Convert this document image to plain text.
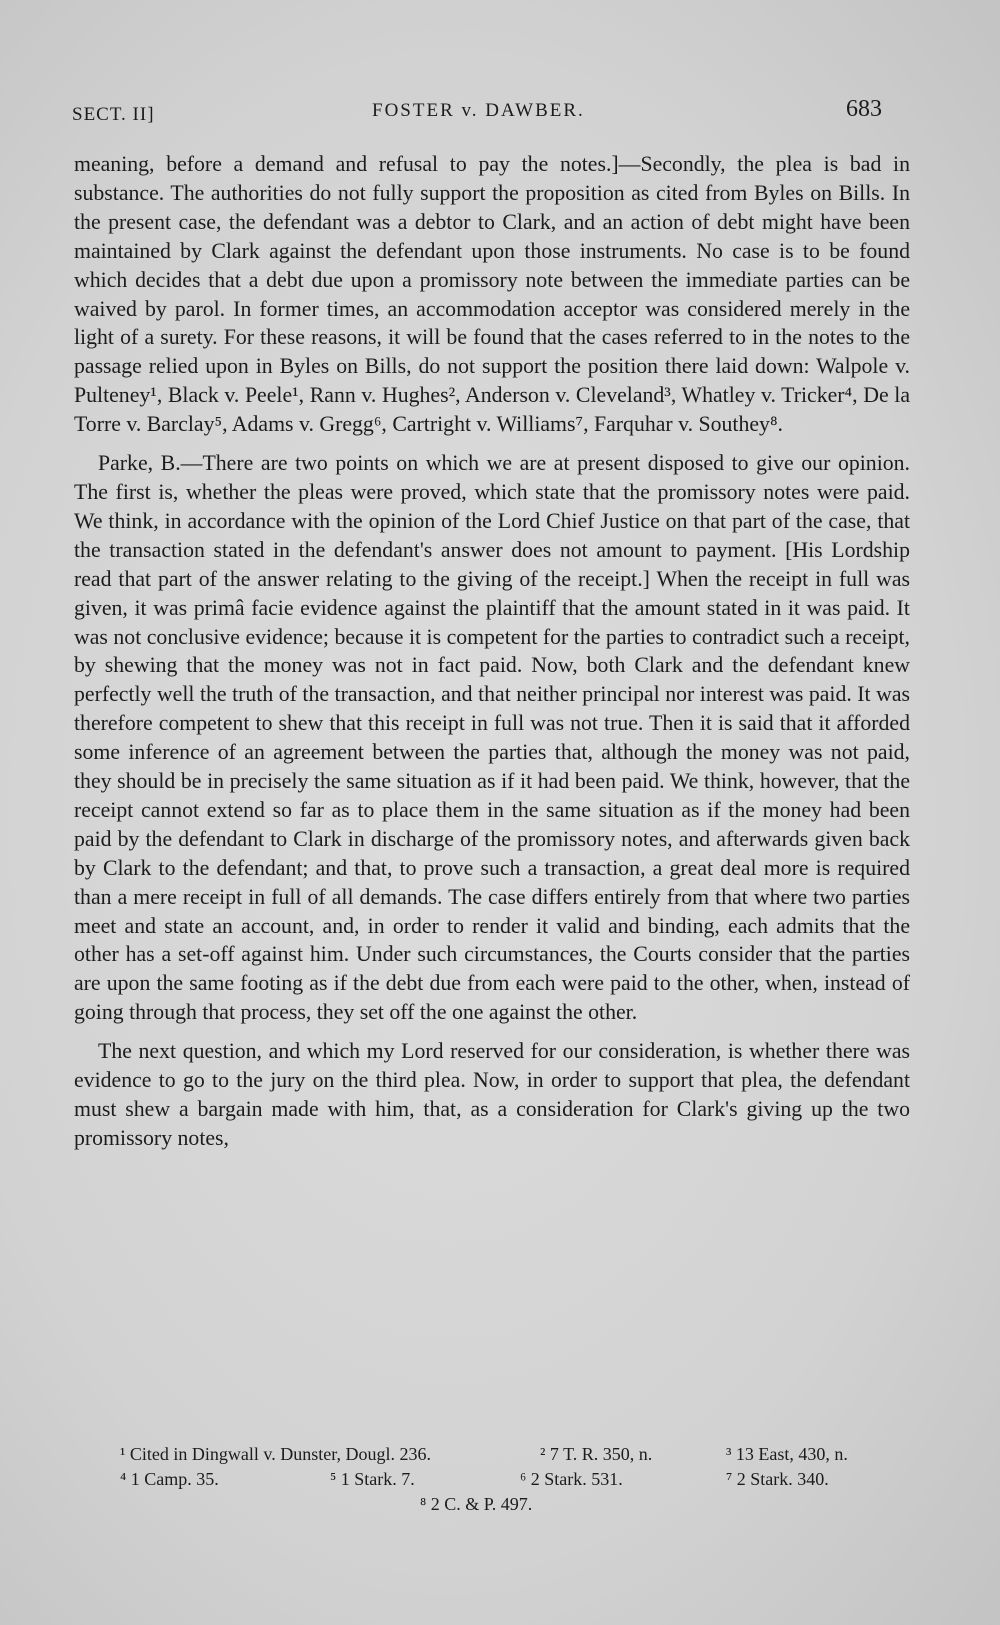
SECT. II]	FOSTER v. DAWBER.	683

meaning, before a demand and refusal to pay the notes.]—Secondly, the plea is bad in substance. The authorities do not fully support the proposition as cited from Byles on Bills. In the present case, the defendant was a debtor to Clark, and an action of debt might have been maintained by Clark against the defendant upon those instruments. No case is to be found which decides that a debt due upon a promissory note between the immediate parties can be waived by parol. In former times, an accommodation acceptor was considered merely in the light of a surety. For these reasons, it will be found that the cases referred to in the notes to the passage relied upon in Byles on Bills, do not support the position there laid down: Walpole v. Pulteney¹, Black v. Peele¹, Rann v. Hughes², Anderson v. Cleveland³, Whatley v. Tricker⁴, De la Torre v. Barclay⁵, Adams v. Gregg⁶, Cartright v. Williams⁷, Farquhar v. Southey⁸.

Parke, B.—There are two points on which we are at present disposed to give our opinion. The first is, whether the pleas were proved, which state that the promissory notes were paid. We think, in accordance with the opinion of the Lord Chief Justice on that part of the case, that the transaction stated in the defendant's answer does not amount to payment. [His Lordship read that part of the answer relating to the giving of the receipt.] When the receipt in full was given, it was primâ facie evidence against the plaintiff that the amount stated in it was paid. It was not conclusive evidence; because it is competent for the parties to contradict such a receipt, by shewing that the money was not in fact paid. Now, both Clark and the defendant knew perfectly well the truth of the transaction, and that neither principal nor interest was paid. It was therefore competent to shew that this receipt in full was not true. Then it is said that it afforded some inference of an agreement between the parties that, although the money was not paid, they should be in precisely the same situation as if it had been paid. We think, however, that the receipt cannot extend so far as to place them in the same situation as if the money had been paid by the defendant to Clark in discharge of the promissory notes, and afterwards given back by Clark to the defendant; and that, to prove such a transaction, a great deal more is required than a mere receipt in full of all demands. The case differs entirely from that where two parties meet and state an account, and, in order to render it valid and binding, each admits that the other has a set-off against him. Under such circumstances, the Courts consider that the parties are upon the same footing as if the debt due from each were paid to the other, when, instead of going through that process, they set off the one against the other.

The next question, and which my Lord reserved for our consideration, is whether there was evidence to go to the jury on the third plea. Now, in order to support that plea, the defendant must shew a bargain made with him, that, as a consideration for Clark's giving up the two promissory notes,

¹ Cited in Dingwall v. Dunster, Dougl. 236.	² 7 T. R. 350, n.	³ 13 East, 430, n.
⁴ 1 Camp. 35.	⁵ 1 Stark. 7.	⁶ 2 Stark. 531.	⁷ 2 Stark. 340.
⁸ 2 C. & P. 497.
